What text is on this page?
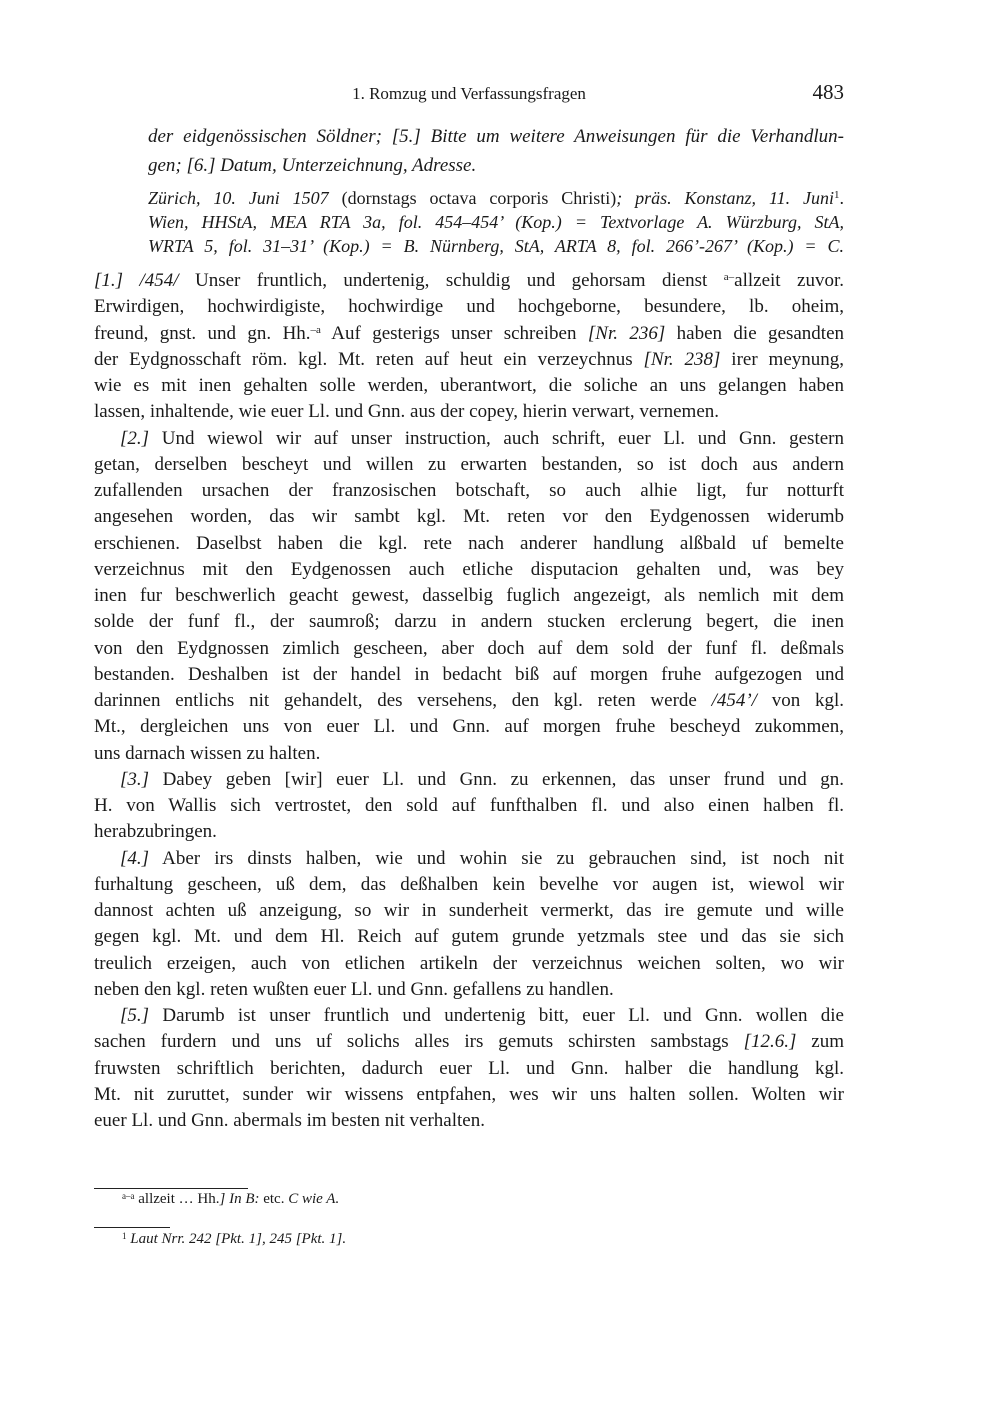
1. Romzug und Verfassungsfragen	483
der eidgenössischen Söldner; [5.] Bitte um weitere Anweisungen für die Verhandlun-
gen; [6.] Datum, Unterzeichnung, Adresse.
Zürich, 10. Juni 1507 (dornstags octava corporis Christi); präs. Konstanz, 11. Juni$^1$.
Wien, HHStA, MEA RTA 3a, fol. 454–454’ (Kop.) = Textvorlage A. Würzburg, StA,
WRTA 5, fol. 31–31’ (Kop.) = B. Nürnberg, StA, ARTA 8, fol. 266’-267’ (Kop.) = C.
[1.] /454/ Unser fruntlich, undertenig, schuldig und gehorsam dienst $^{a-}$allzeit zuvor.
Erwirdigen, hochwirdigiste, hochwirdige und hochgeborne, besundere, lb. oheim,
freund, gnst. und gn. Hh.$^{-a}$ Auf gesterigs unser schreiben [Nr. 236] haben die gesandten
der Eydgnosschaft röm. kgl. Mt. reten auf heut ein verzeychnus [Nr. 238] irer meynung,
wie es mit inen gehalten solle werden, uberantwort, die soliche an uns gelangen haben
lassen, inhaltende, wie euer Ll. und Gnn. aus der copey, hierin verwart, vernemen.
[2.] Und wiewol wir auf unser instruction, auch schrift, euer Ll. und Gnn. gestern
getan, derselben bescheyt und willen zu erwarten bestanden, so ist doch aus andern
zufallenden ursachen der franzosischen botschaft, so auch alhie ligt, fur notturft
angesehen worden, das wir sambt kgl. Mt. reten vor den Eydgenossen widerumb
erschienen. Daselbst haben die kgl. rete nach anderer handlung alßbald uf bemelte
verzeichnus mit den Eydgenossen auch etliche disputacion gehalten und, was bey
inen fur beschwerlich geacht gewest, dasselbig fuglich angezeigt, als nemlich mit dem
solde der funf fl., der saumroß; darzu in andern stucken erclerung begert, die inen
von den Eydgnossen zimlich gescheen, aber doch auf dem sold der funf fl. deßmals
bestanden. Deshalben ist der handel in bedacht biß auf morgen fruhe aufgezogen und
darinnen entlichs nit gehandelt, des versehens, den kgl. reten werde /454’/ von kgl.
Mt., dergleichen uns von euer Ll. und Gnn. auf morgen fruhe bescheyd zukommen,
uns darnach wissen zu halten.
[3.] Dabey geben [wir] euer Ll. und Gnn. zu erkennen, das unser frund und gn.
H. von Wallis sich vertrostet, den sold auf funfthalben fl. und also einen halben fl.
herabzubringen.
[4.] Aber irs dinsts halben, wie und wohin sie zu gebrauchen sind, ist noch nit
furhaltung gescheen, uß dem, das deßhalben kein bevelhe vor augen ist, wiewol wir
dannost achten uß anzeigung, so wir in sunderheit vermerkt, das ire gemute und wille
gegen kgl. Mt. und dem Hl. Reich auf gutem grunde yetzmals stee und das sie sich
treulich erzeigen, auch von etlichen artikeln der verzeichnus weichen solten, wo wir
neben den kgl. reten wußten euer Ll. und Gnn. gefallens zu handlen.
[5.] Darumb ist unser fruntlich und undertenig bitt, euer Ll. und Gnn. wollen die
sachen furdern und uns uf solichs alles irs gemuts schirsten sambstags [12.6.] zum
fruwsten schriftlich berichten, dadurch euer Ll. und Gnn. halber die handlung kgl.
Mt. nit zuruttet, sunder wir wissens entpfahen, wes wir uns halten sollen. Wolten wir
euer Ll. und Gnn. abermals im besten nit verhalten.
$^{a-a}$ allzeit … Hh.] In B: etc. C wie A.
$^1$ Laut Nrr. 242 [Pkt. 1], 245 [Pkt. 1].
